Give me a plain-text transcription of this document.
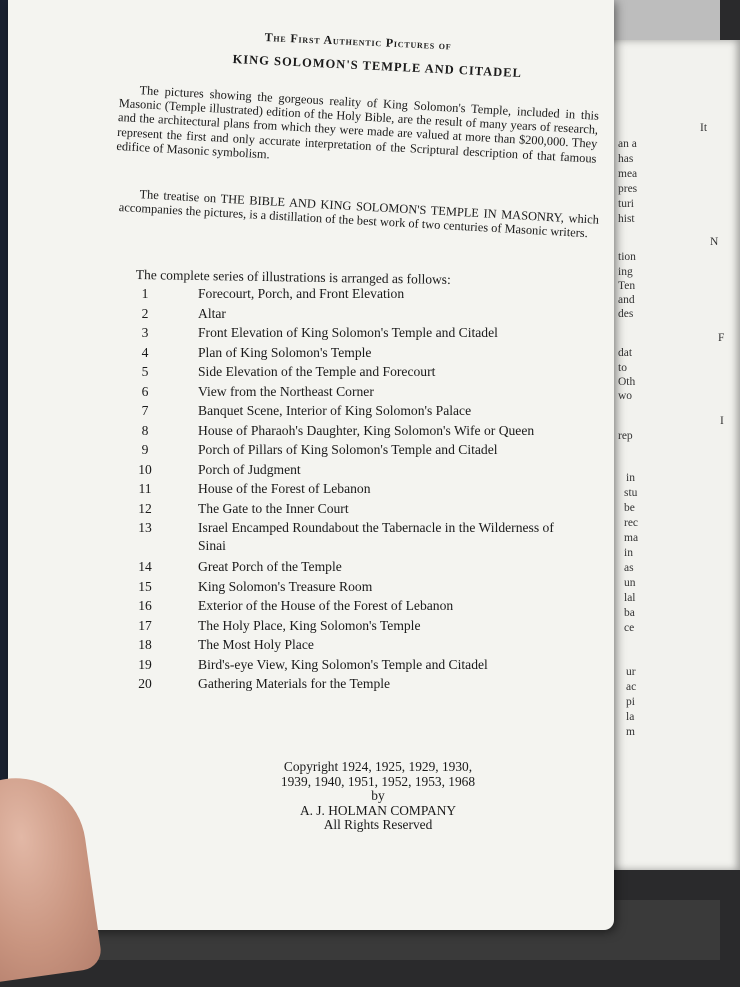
It
an a
has
mea
pres
turi
hist
N
tion
ing
Ten
and
des
F
dat
to
Oth
wo
I
rep
in
stu
be
rec
ma
in
as
un
lal
ba
ce
ur
ac
pi
la
m
The First Authentic Pictures of
KING SOLOMON'S TEMPLE AND CITADEL
The pictures showing the gorgeous reality of King Solomon's Temple, included in this Masonic (Temple illustrated) edition of the Holy Bible, are the result of many years of research, and the architectural plans from which they were made are valued at more than $200,000. They represent the first and only accurate interpretation of the Scriptural description of that famous edifice of Masonic symbolism.
The treatise on THE BIBLE AND KING SOLOMON'S TEMPLE IN MASONRY, which accompanies the pictures, is a distillation of the best work of two centuries of Masonic writers.
The complete series of illustrations is arranged as follows:
1	Forecourt, Porch, and Front Elevation
2	Altar
3	Front Elevation of King Solomon's Temple and Citadel
4	Plan of King Solomon's Temple
5	Side Elevation of the Temple and Forecourt
6	View from the Northeast Corner
7	Banquet Scene, Interior of King Solomon's Palace
8	House of Pharaoh's Daughter, King Solomon's Wife or Queen
9	Porch of Pillars of King Solomon's Temple and Citadel
10	Porch of Judgment
11	House of the Forest of Lebanon
12	The Gate to the Inner Court
13	Israel Encamped Roundabout the Tabernacle in the Wilderness of
Sinai
14	Great Porch of the Temple
15	King Solomon's Treasure Room
16	Exterior of the House of the Forest of Lebanon
17	The Holy Place, King Solomon's Temple
18	The Most Holy Place
19	Bird's-eye View, King Solomon's Temple and Citadel
20	Gathering Materials for the Temple
Copyright 1924, 1925, 1929, 1930,
1939, 1940, 1951, 1952, 1953, 1968
by
A. J. HOLMAN COMPANY
All Rights Reserved
